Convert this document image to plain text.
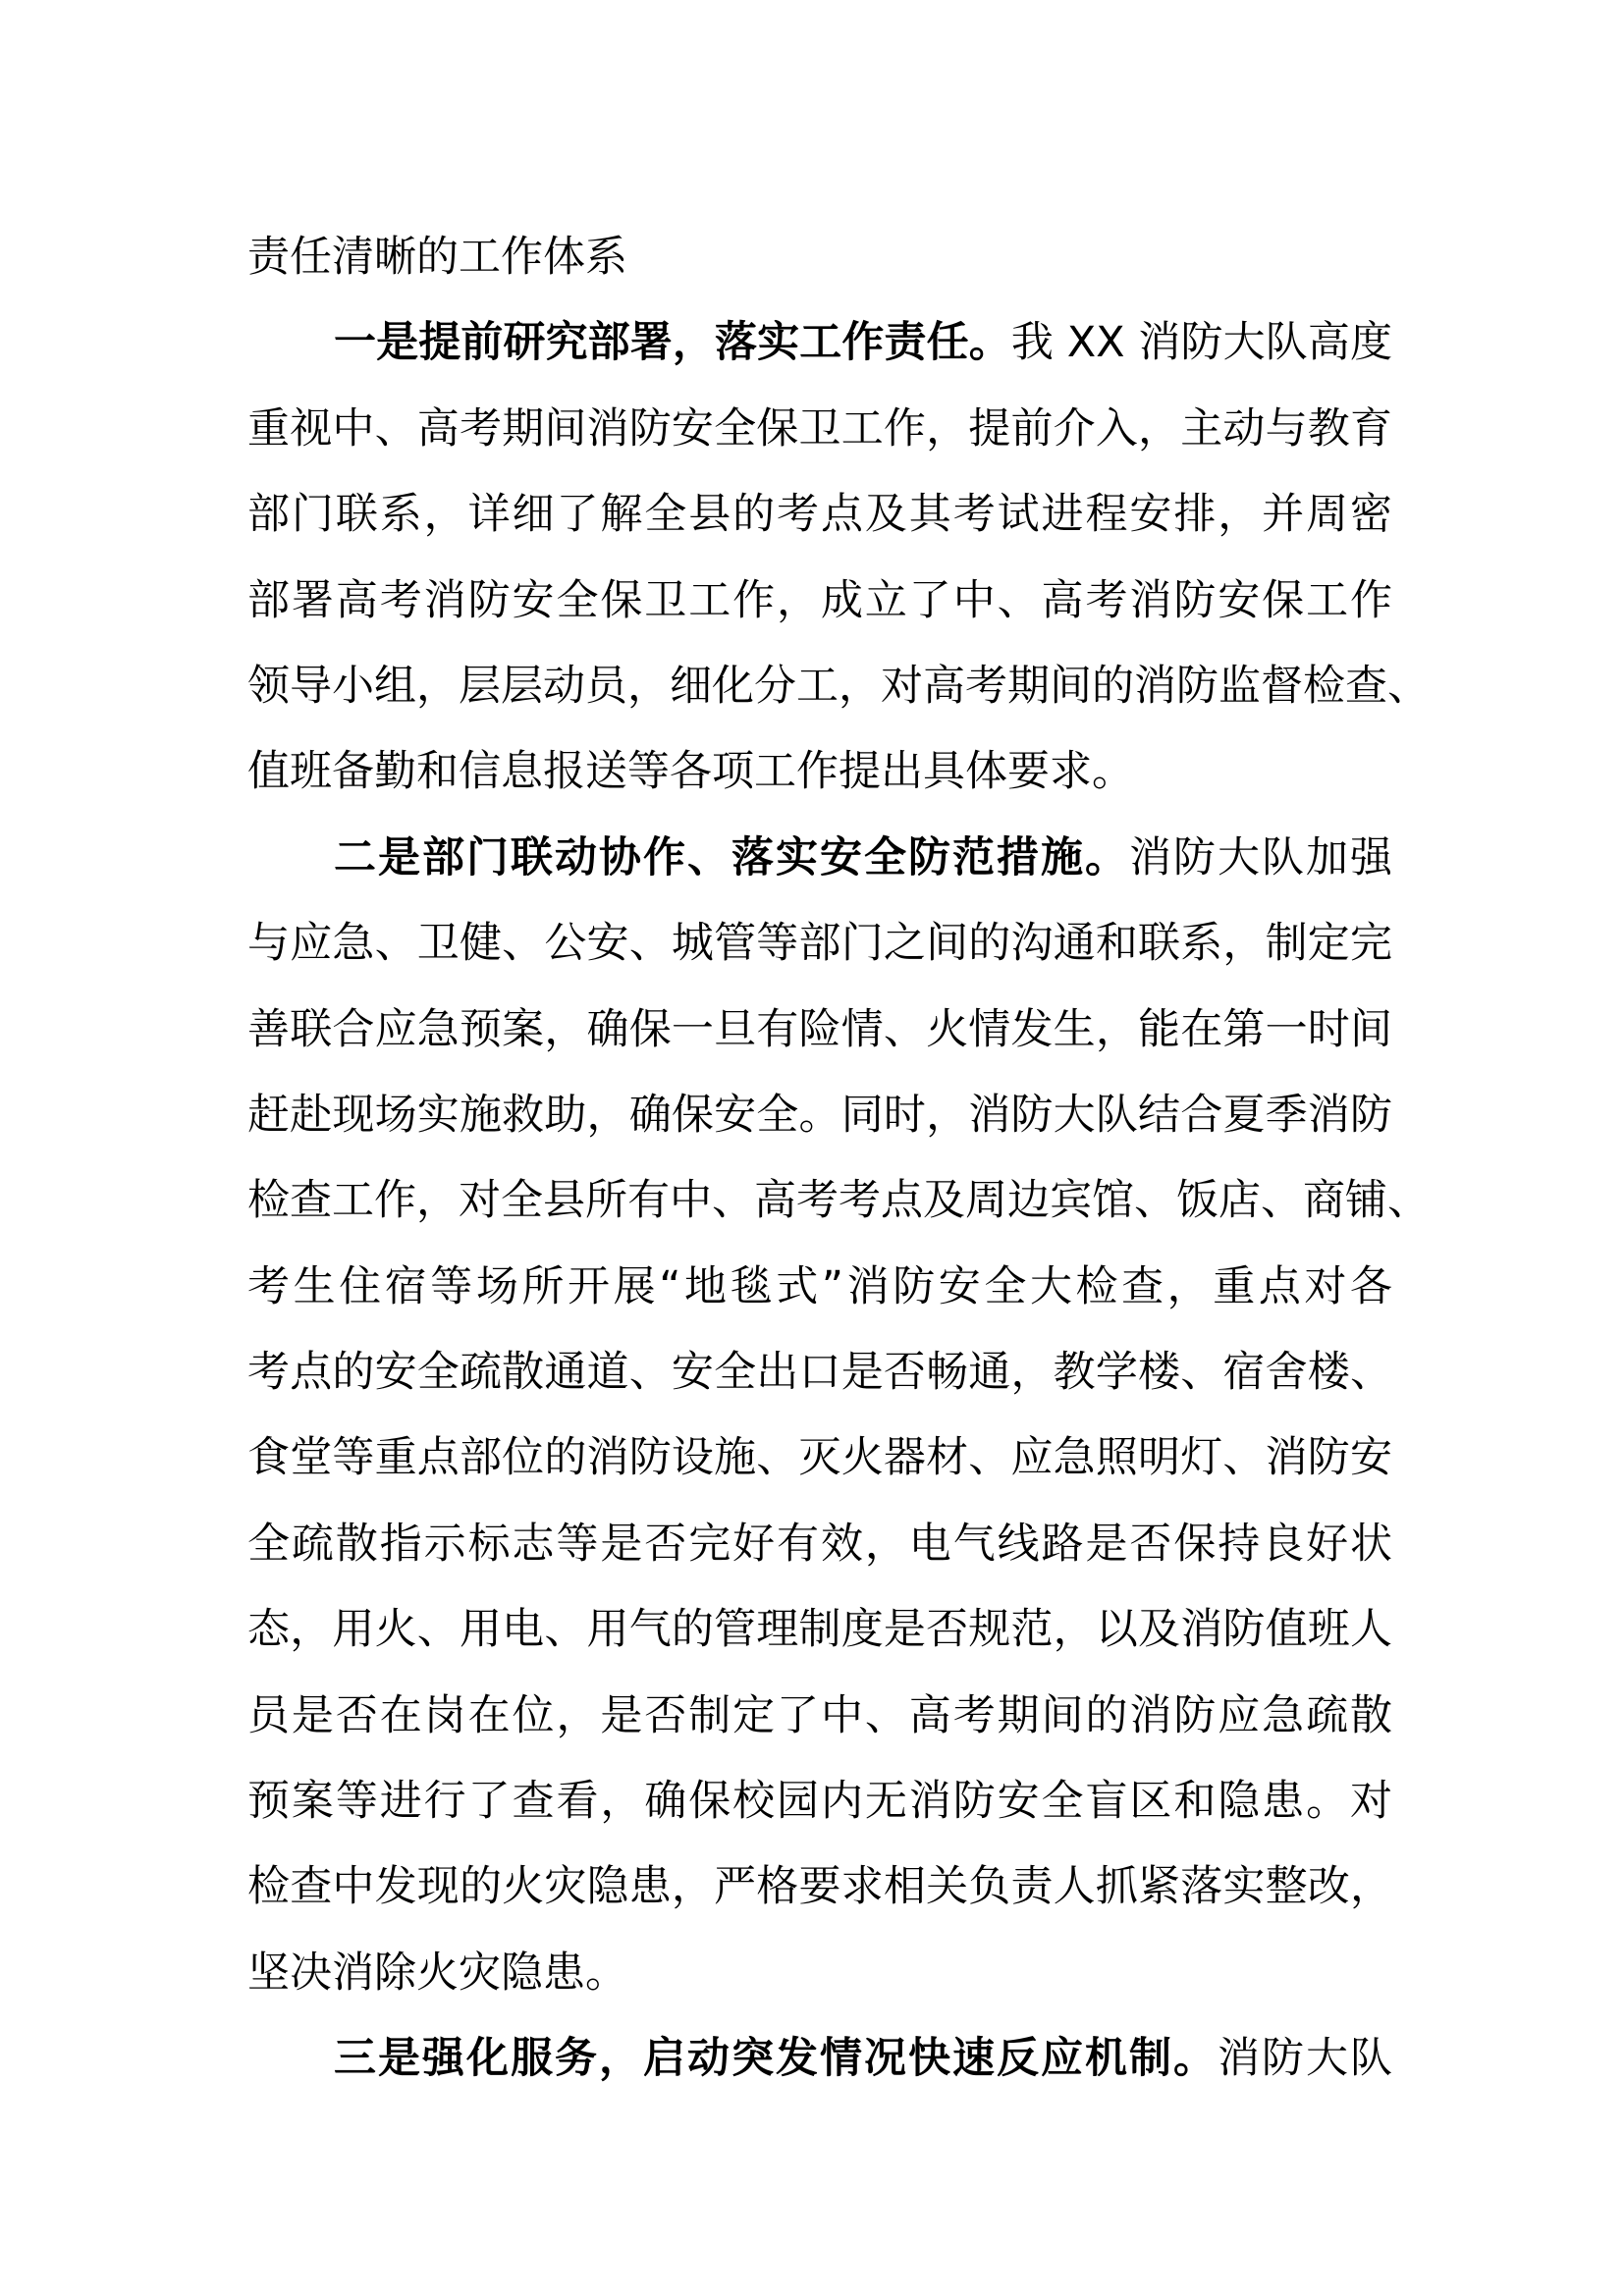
责任清晰的工作体系
一是提前研究部署，落实工作责任。我 XX 消防大队高度
重视中、高考期间消防安全保卫工作，提前介入，主动与教育
部门联系，详细了解全县的考点及其考试进程安排，并周密
部署高考消防安全保卫工作，成立了中、高考消防安保工作
领导小组，层层动员，细化分工，对高考期间的消防监督检查、
值班备勤和信息报送等各项工作提出具体要求。
二是部门联动协作、落实安全防范措施。消防大队加强
与应急、卫健、公安、城管等部门之间的沟通和联系，制定完
善联合应急预案，确保一旦有险情、火情发生，能在第一时间
赶赴现场实施救助，确保安全。同时，消防大队结合夏季消防
检查工作，对全县所有中、高考考点及周边宾馆、饭店、商铺、
考生住宿等场所开展“地毯式”消防安全大检查，重点对各
考点的安全疏散通道、安全出口是否畅通，教学楼、宿舍楼、
食堂等重点部位的消防设施、灭火器材、应急照明灯、消防安
全疏散指示标志等是否完好有效，电气线路是否保持良好状
态，用火、用电、用气的管理制度是否规范，以及消防值班人
员是否在岗在位，是否制定了中、高考期间的消防应急疏散
预案等进行了查看，确保校园内无消防安全盲区和隐患。对
检查中发现的火灾隐患，严格要求相关负责人抓紧落实整改，
坚决消除火灾隐患。
三是强化服务，启动突发情况快速反应机制。消防大队
